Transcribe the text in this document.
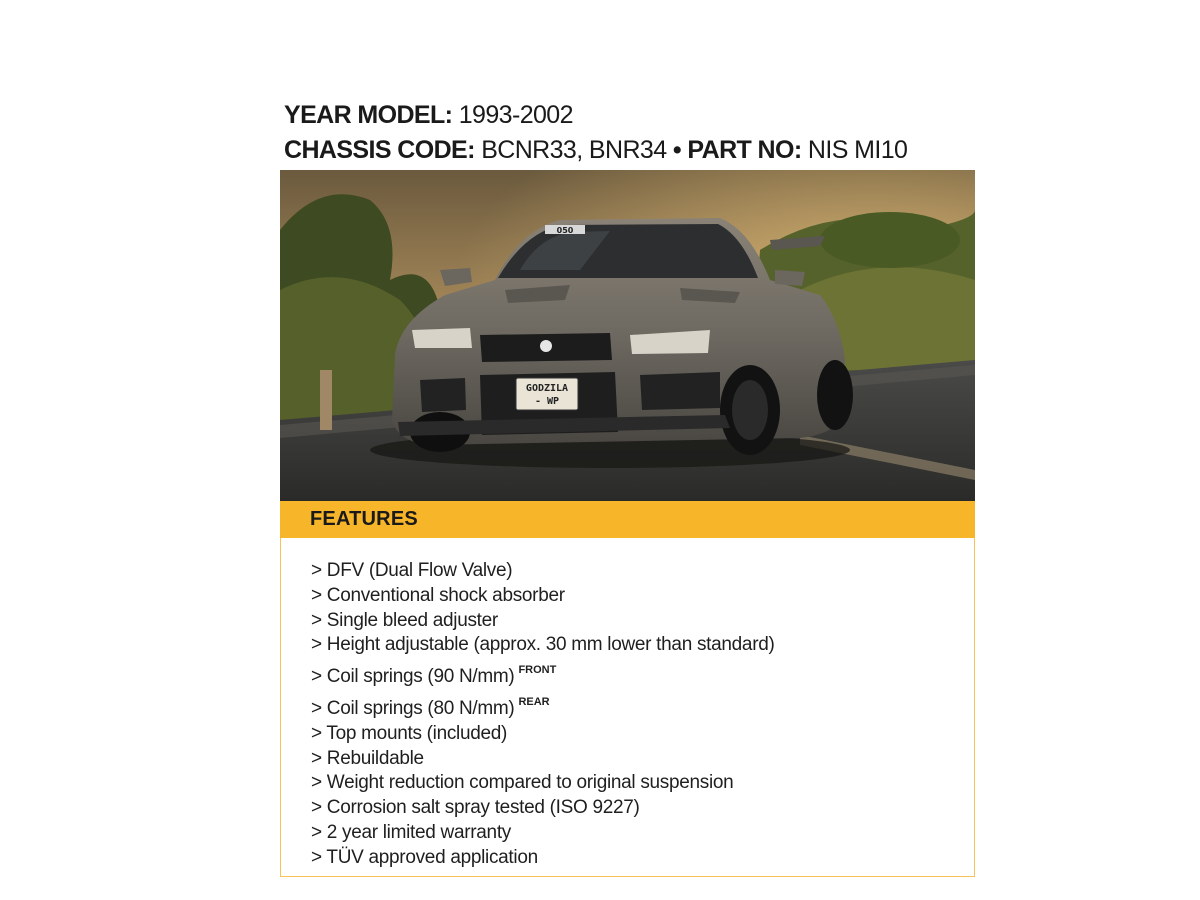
YEAR MODEL: 1993-2002
CHASSIS CODE: BCNR33, BNR34 • PART NO: NIS MI10
050
GODZILA
- WP
FEATURES
> DFV (Dual Flow Valve)
> Conventional shock absorber
> Single bleed adjuster
> Height adjustable (approx. 30 mm lower than standard)
> Coil springs (90 N/mm) $^{FRONT}$
> Coil springs (80 N/mm) $^{REAR}$
> Top mounts (included)
> Rebuildable
> Weight reduction compared to original suspension
> Corrosion salt spray tested (ISO 9227)
> 2 year limited warranty
> TÜV approved application
